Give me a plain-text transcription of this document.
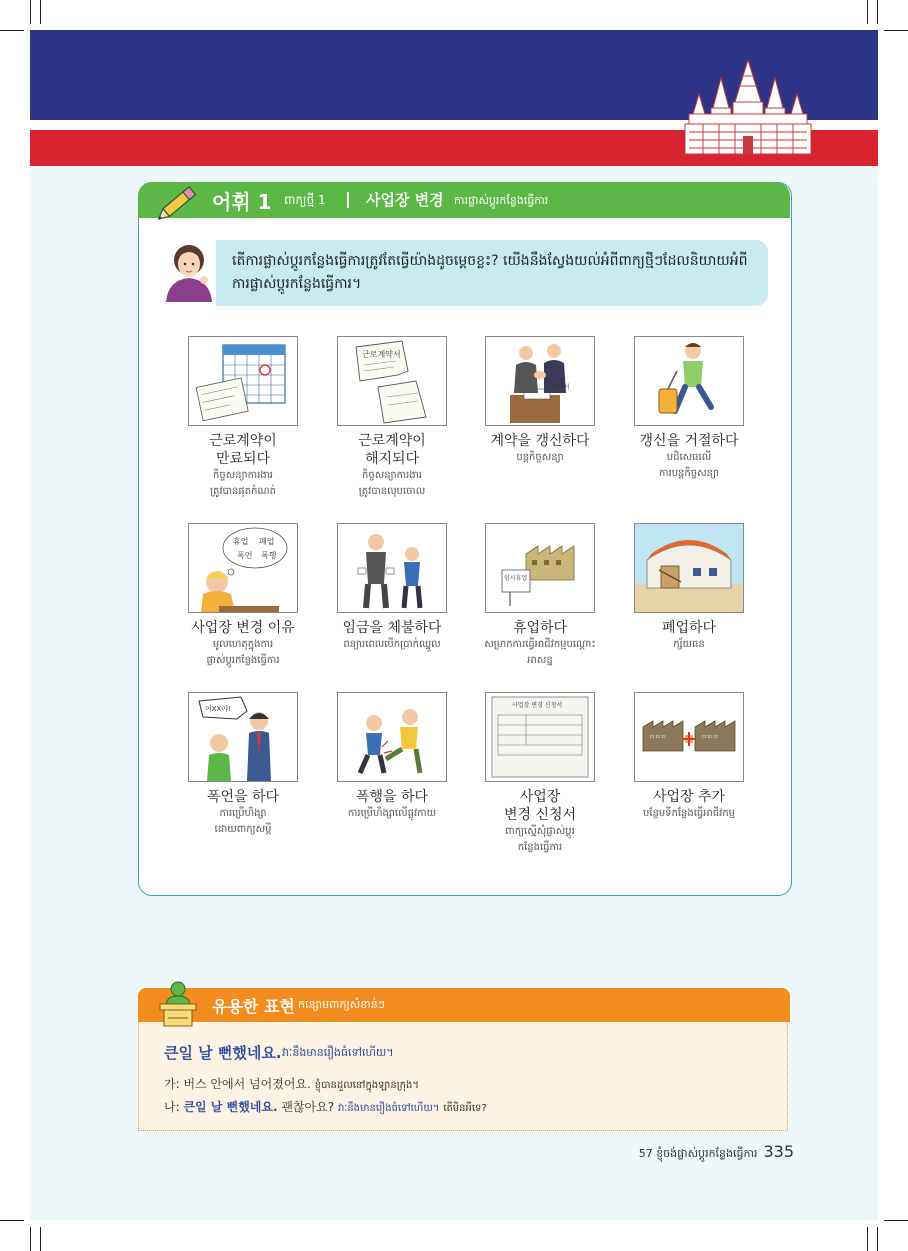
어휘 1 ពាក្យថ្មី 1 | 사업장 변경 ការផ្លាស់ប្តូរកន្លែងធ្វើការ
តើការផ្លាស់ប្តូរកន្លែងធ្វើការត្រូវតែធ្វើយ៉ាងដូចម្តេចខ្លះ? យើងនឹងស្វែងយល់អំពីពាក្យថ្មីៗដែលនិយាយអំពីការផ្លាស់ប្តូរកន្លែងធ្វើការ។
근로계약이
만료되다
កិច្ចសន្យាការងារ
ត្រូវបានផុតកំណត់
근로계약서
근로계약이
해지되다
កិច្ចសន្យាការងារ
ត្រូវបានលុបចោល
계약서
계약을 갱신하다
បន្តកិច្ចសន្យា
갱신을 거절하다
បដិសេធលើ
ការបន្តកិច្ចសន្យា
휴업 폐업
폭언 폭행
사업장 변경 이유
មូលហេតុក្នុងការ
ផ្លាស់ប្តូរកន្លែងធ្វើការ
임금을 체불하다
ពន្យារពេលបើកប្រាក់ឈ្នួល
임시휴업
휴업하다
សម្រាកការធ្វើអាជីវកម្មបណ្តោះ
អាសន្ន
폐업하다
ក្ស័យធន
이XX야!
폭언을 하다
ការប្រើហិង្សា
ដោយពាក្យសម្តី
폭행을 하다
ការប្រើហិង្សាលើផ្លូវកាយ
사업장 변경 신청서
사업장
변경 신청서
ពាក្យស្នើសុំផ្លាស់ប្តូរ
កន្លែងធ្វើការ
ㅁㅁㅁ	ㅁㅁㅁ
사업장 추가
បន្ថែមទីកន្លែងធ្វើអាជីវកម្ម
유용한 표현 កន្សោមពាក្យសំខាន់ៗ
큰일 날 뻔했네요. វាៈនឹងមានរឿងធំទៅហើយ។
가: 버스 안에서 넘어졌어요. ខ្ញុំបានដួលនៅក្នុងឡានក្រុង។
나: 큰일 날 뻔했네요. 괜찮아요? វាៈនឹងមានរឿងធំទៅហើយ។ តើមិនអីទេ?
57 ខ្ញុំចង់ផ្លាស់ប្តូរកន្លែងធ្វើការ 335
